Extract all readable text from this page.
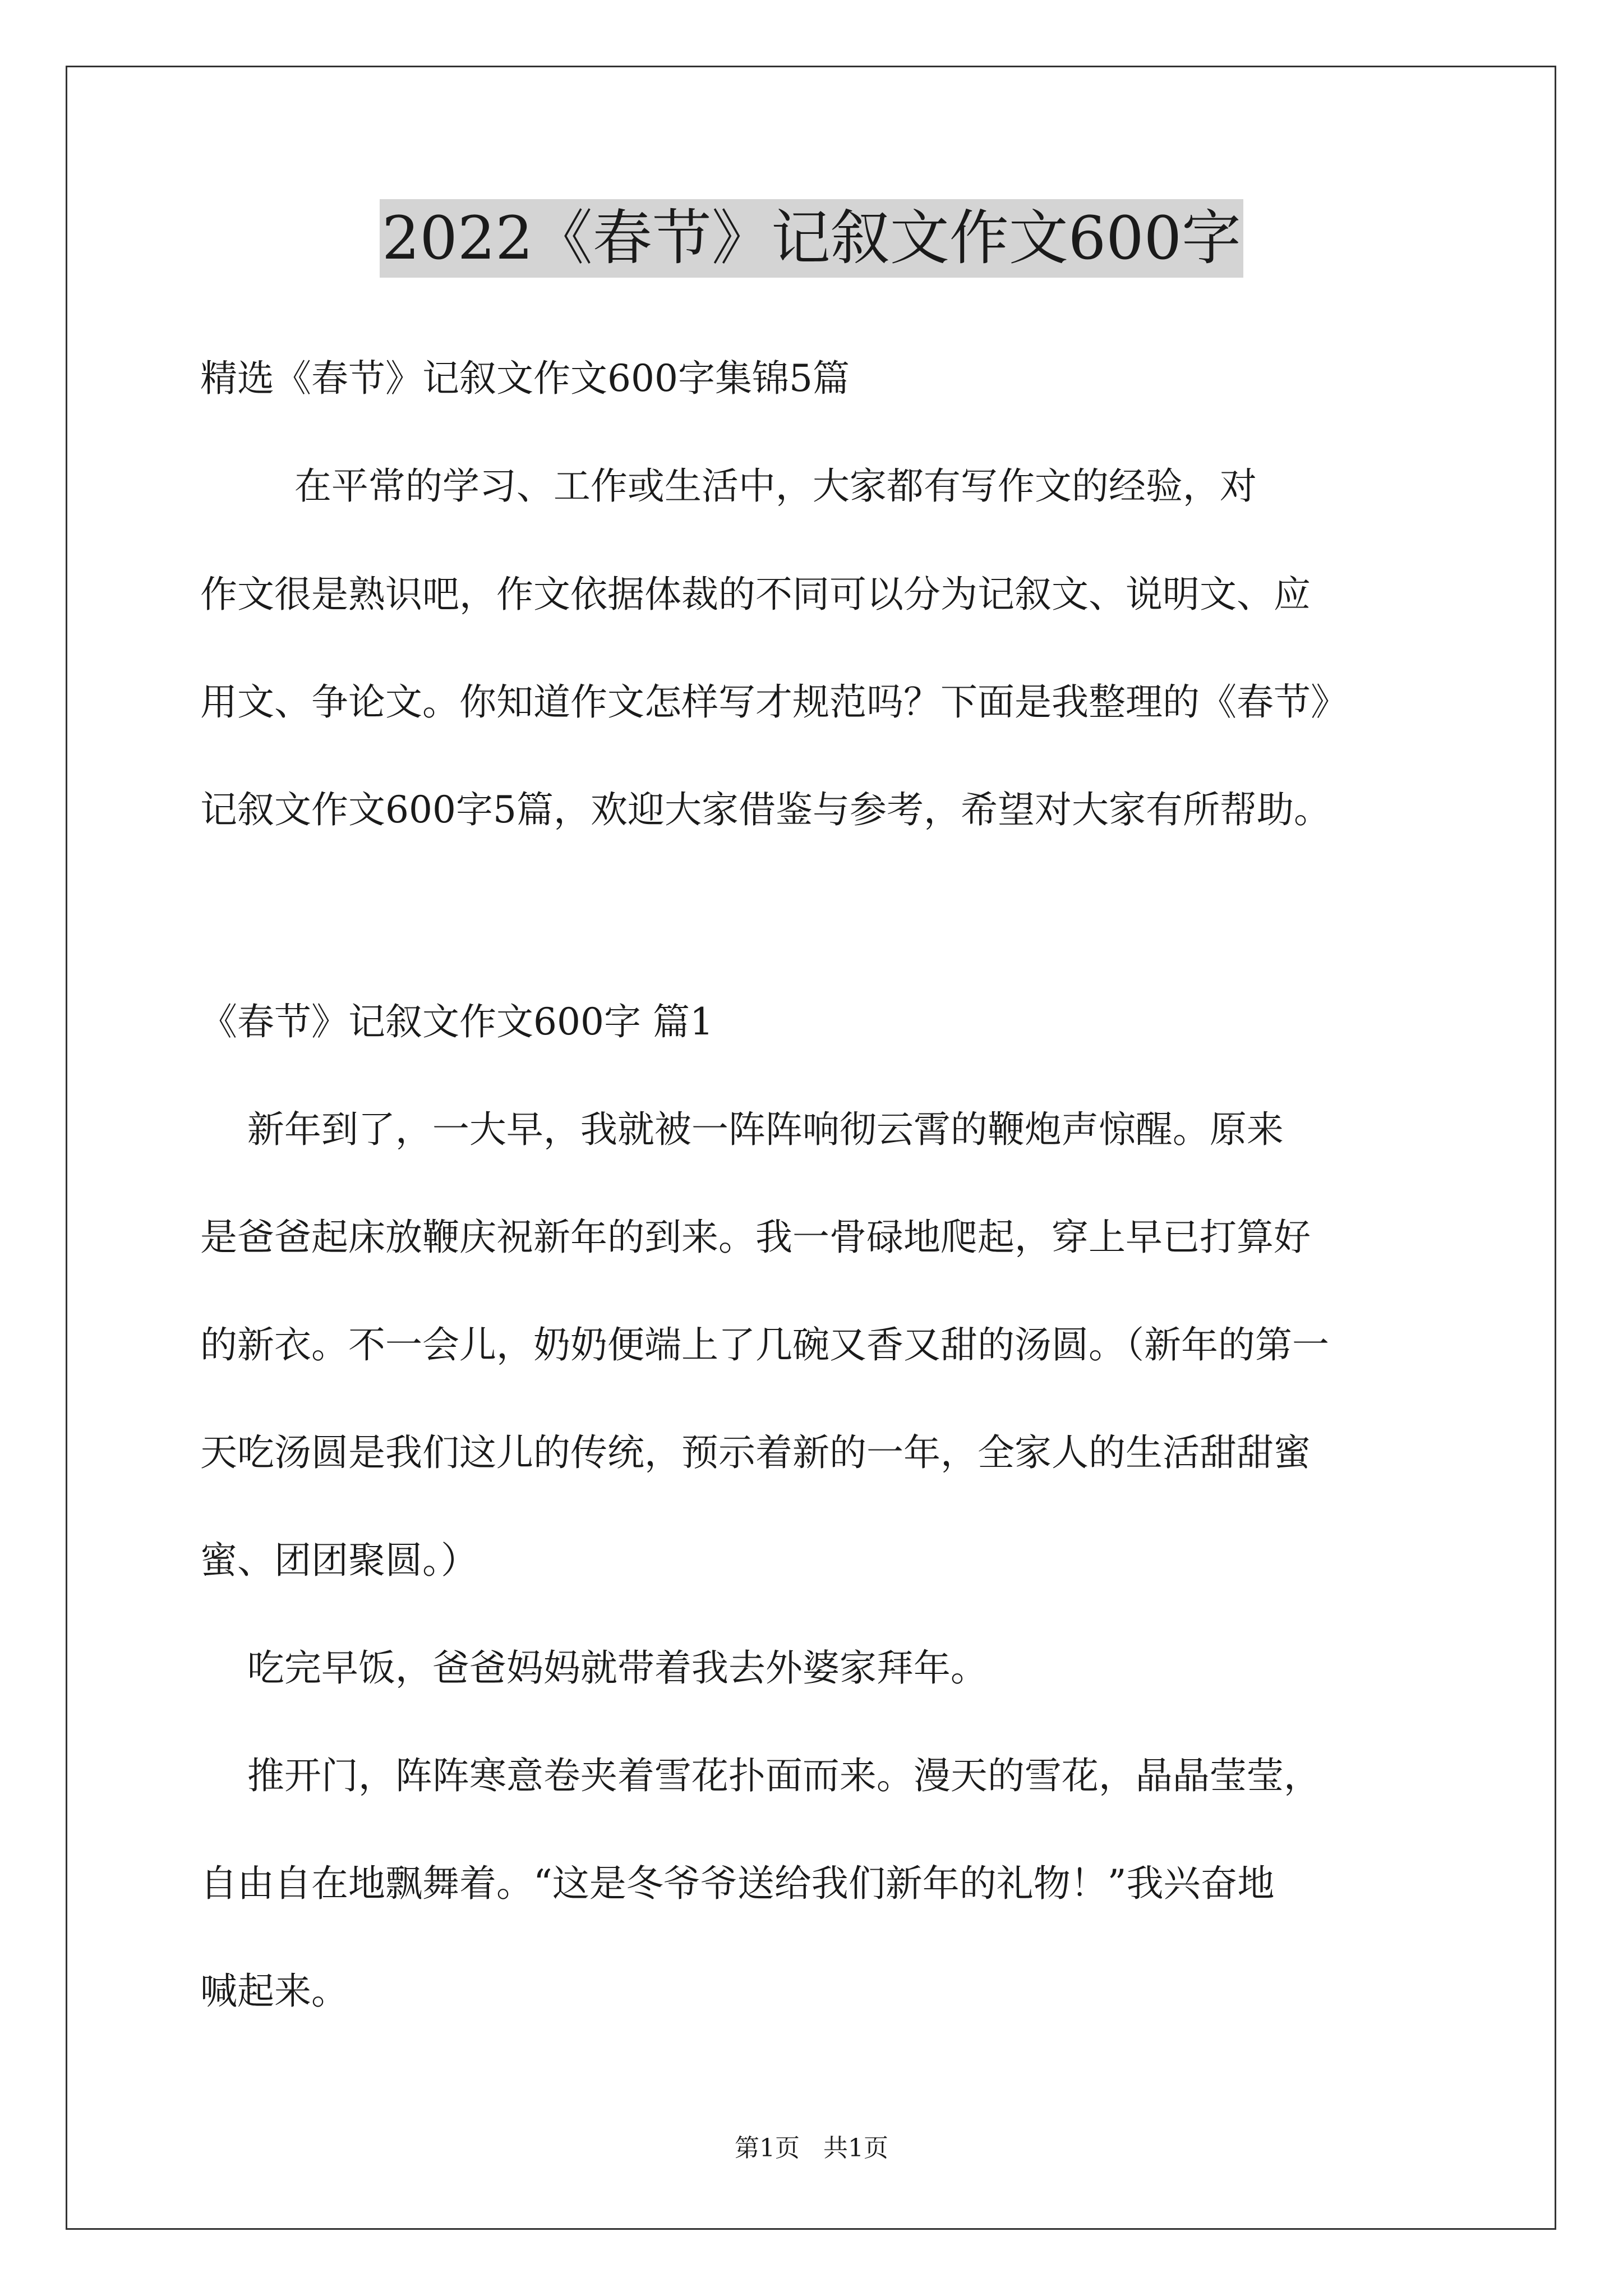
2022《春节》记叙文作文600字
精选《春节》记叙文作文600字集锦5篇
在平常的学习、工作或生活中，大家都有写作文的经验，对
作文很是熟识吧，作文依据体裁的不同可以分为记叙文、说明文、应
用文、争论文。你知道作文怎样写才规范吗？下面是我整理的《春节》
记叙文作文600字5篇，欢迎大家借鉴与参考，希望对大家有所帮助。
《春节》记叙文作文600字 篇1
新年到了，一大早，我就被一阵阵响彻云霄的鞭炮声惊醒。原来
是爸爸起床放鞭庆祝新年的到来。我一骨碌地爬起，穿上早已打算好
的新衣。不一会儿，奶奶便端上了几碗又香又甜的汤圆。（新年的第一
天吃汤圆是我们这儿的传统，预示着新的一年，全家人的生活甜甜蜜
蜜、团团聚圆。）
吃完早饭，爸爸妈妈就带着我去外婆家拜年。
推开门，阵阵寒意卷夹着雪花扑面而来。漫天的雪花，晶晶莹莹，
自由自在地飘舞着。“这是冬爷爷送给我们新年的礼物！”我兴奋地
喊起来。
第1页   共1页
